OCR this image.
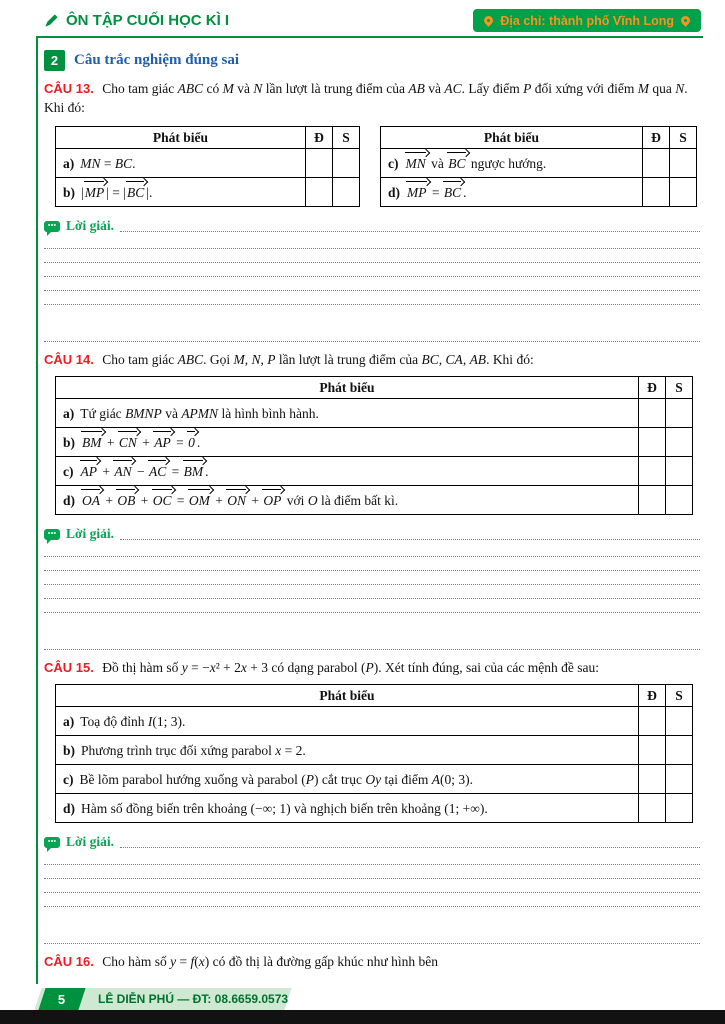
ÔN TẬP CUỐI HỌC KÌ I	Địa chỉ: thành phố Vĩnh Long
2	Câu trắc nghiệm đúng sai

CÂU 13. Cho tam giác ABC có M và N lần lượt là trung điểm của AB và AC. Lấy điểm P đối xứng với điểm M qua N. Khi đó:

Phát biểu	Đ	S
a) MN = BC.		
b) |MP | = |BC |.		
Phát biểu	Đ	S
c) MN và BC ngược hướng.		
d) MP = BC .		
•••
Lời giải.

CÂU 14. Cho tam giác ABC. Gọi M, N, P lần lượt là trung điểm của BC, CA, AB. Khi đó:

Phát biểu	Đ	S
a) Tứ giác BMNP và APMN là hình bình hành.		
b) BM + CN + AP = 0 .		
c) AP + AN − AC = BM .		
d) OA + OB + OC = OM + ON + OP với O là điểm bất kì.		
•••
Lời giải.

CÂU 15. Đồ thị hàm số y = −x² + 2x + 3 có dạng parabol (P). Xét tính đúng, sai của các mệnh đề sau:

Phát biểu	Đ	S
a) Toạ độ đỉnh I(1; 3).		
b) Phương trình trục đối xứng parabol x = 2.		
c) Bề lõm parabol hướng xuống và parabol (P) cắt trục Oy tại điểm A(0; 3).		
d) Hàm số đồng biến trên khoảng (−∞; 1) và nghịch biến trên khoảng (1; +∞).		
•••
Lời giải.

CÂU 16. Cho hàm số y = f(x) có đồ thị là đường gấp khúc như hình bên

5	LÊ DIỄN PHÚ — ĐT: 08.6659.0573
